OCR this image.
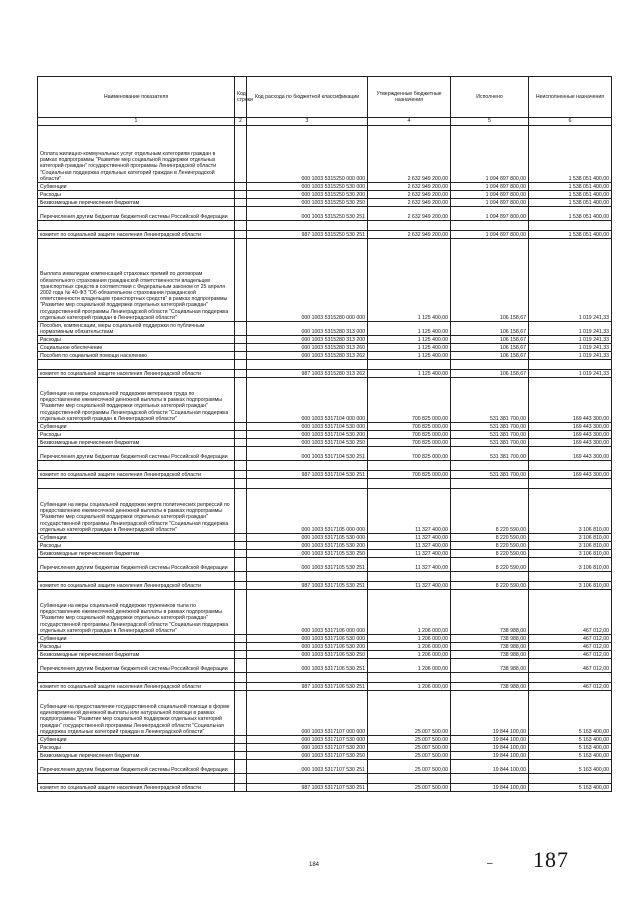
Наименование показателя	Код строки	Код расхода по бюджетной классификации	Утвержденные бюджетные назначения	Исполнено	Неисполненные назначения
1	2	3	4	5	6
Оплата жилищно-коммунальных услуг отдельным категориям граждан в рамках подпрограммы "Развитие мер социальной поддержки отдельных категорий граждан" государственной программы Ленинградской области "Социальная поддержка отдельных категорий граждан в Ленинградской области"		000 1003 5315250 000 000	2 632 949 200,00	1 094 897 800,00	1 538 051 400,00
Субвенции		000 1003 5315250 530 000	2 632 949 200,00	1 094 897 800,00	1 538 051 400,00
Расходы		000 1003 5315250 530 200	2 632 949 200,00	1 094 897 800,00	1 538 051 400,00
Безвозмездные перечисления бюджетам		000 1003 5315250 530 250	2 632 949 200,00	1 094 897 800,00	1 538 051 400,00
Перечисления другим бюджетам бюджетной системы Российской Федерации		000 1003 5315250 530 251	2 632 949 200,00	1 094 897 800,00	1 538 051 400,00

комитет по социальной защите населения Ленинградской области		987 1003 5315250 530 251	2 632 949 200,00	1 094 897 800,00	1 538 051 400,00
Выплата инвалидам компенсаций страховых премий по договорам обязательного страхования гражданской ответственности владельцев транспортных средств в соответствии с Федеральным законом от 25 апреля 2002 года № 40-ФЗ "Об обязательном страховании гражданской ответственности владельцев транспортных средств" в рамках подпрограммы "Развитие мер социальной поддержки отдельных категорий граждан" государственной программы Ленинградской области "Социальная поддержка отдельных категорий граждан в Ленинградской области"		000 1003 5315280 000 000	1 125 400,00	106 158,67	1 019 241,33
Пособия, компенсации, меры социальной поддержки по публичным нормативным обязательствам		000 1003 5315280 313 000	1 125 400,00	106 158,67	1 019 241,33
Расходы		000 1003 5315280 313 200	1 125 400,00	106 158,67	1 019 241,33
Социальное обеспечение		000 1003 5315280 313 260	1 125 400,00	106 158,67	1 019 241,33
Пособия по социальной помощи населению		000 1003 5315280 313 262	1 125 400,00	106 158,67	1 019 241,33

комитет по социальной защите населения Ленинградской области		987 1003 5315280 313 262	1 125 400,00	106 158,67	1 019 241,33
Субвенции на меры социальной поддержки ветеранов труда по предоставлению ежемесячной денежной выплаты в рамках подпрограммы "Развитие мер социальной поддержки отдельных категорий граждан" государственной программы Ленинградской области "Социальная поддержка отдельных категорий граждан в Ленинградской области"		000 1003 5317104 000 000	700 825 000,00	531 381 700,00	169 443 300,00
Субвенции		000 1003 5317104 530 000	700 825 000,00	531 381 700,00	169 443 300,00
Расходы		000 1003 5317104 530 200	700 825 000,00	531 381 700,00	169 443 300,00
Безвозмездные перечисления бюджетам		000 1003 5317104 530 250	700 825 000,00	531 381 700,00	169 443 300,00
Перечисления другим бюджетам бюджетной системы Российской Федерации		000 1003 5317104 530 251	700 825 000,00	531 381 700,00	169 443 300,00

комитет по социальной защите населения Ленинградской области		987 1003 5317104 530 251	700 825 000,00	531 381 700,00	169 443 300,00

Субвенции на меры социальной поддержки жертв политических репрессий по предоставлению ежемесячной денежной выплаты в рамках подпрограммы "Развитие мер социальной поддержки отдельных категорий граждан" государственной программы Ленинградской области "Социальная поддержка отдельных категорий граждан в Ленинградской области"		000 1003 5317105 000 000	11 327 400,00	8 220 590,00	3 106 810,00
Субвенции		000 1003 5317105 530 000	11 327 400,00	8 220 590,00	3 106 810,00
Расходы		000 1003 5317105 530 200	11 327 400,00	8 220 590,00	3 106 810,00
Безвозмездные перечисления бюджетам		000 1003 5317105 530 250	11 327 400,00	8 220 590,00	3 106 810,00
Перечисления другим бюджетам бюджетной системы Российской Федерации		000 1003 5317105 530 251	11 327 400,00	8 220 590,00	3 106 810,00

комитет по социальной защите населения Ленинградской области		987 1003 5317105 530 251	11 327 400,00	8 220 590,00	3 106 810,00
Субвенции на меры социальной поддержки тружеников тыла по предоставлению ежемесячной денежной выплаты в рамках подпрограммы "Развитие мер социальной поддержки отдельных категорий граждан" государственной программы Ленинградской области "Социальная поддержка отдельных категорий граждан в Ленинградской области"		000 1003 5317106 000 000	1 206 000,00	738 988,00	467 012,00
Субвенции		000 1003 5317106 530 000	1 206 000,00	738 988,00	467 012,00
Расходы		000 1003 5317106 530 200	1 206 000,00	738 988,00	467 012,00
Безвозмездные перечисления бюджетам		000 1003 5317106 530 250	1 206 000,00	738 988,00	467 012,00
Перечисления другим бюджетам бюджетной системы Российской Федерации		000 1003 5317106 530 251	1 206 000,00	738 988,00	467 012,00

комитет по социальной защите населения Ленинградской области		987 1003 5317106 530 251	1 206 000,00	738 988,00	467 012,00
Субвенции на предоставление государственной социальной помощи в форме единовременной денежной выплаты или натуральной помощи в рамках подпрограммы "Развитие мер социальной поддержки отдельных категорий граждан" государственной программы Ленинградской области "Социальная поддержка отдельных категорий граждан в Ленинградской области"		000 1003 5317107 000 000	25 007 500,00	19 844 100,00	5 163 400,00
Субвенции		000 1003 5317107 530 000	25 007 500,00	19 844 100,00	5 163 400,00
Расходы		000 1003 5317107 530 200	25 007 500,00	19 844 100,00	5 163 400,00
Безвозмездные перечисления бюджетам		000 1003 5317107 530 250	25 007 500,00	19 844 100,00	5 163 400,00
Перечисления другим бюджетам бюджетной системы Российской Федерации		000 1003 5317107 530 251	25 007 500,00	19 844 100,00	5 163 400,00

комитет по социальной защите населения Ленинградской области		987 1003 5317107 530 251	25 007 500,00	19 844 100,00	5 163 400,00
184	– 187
